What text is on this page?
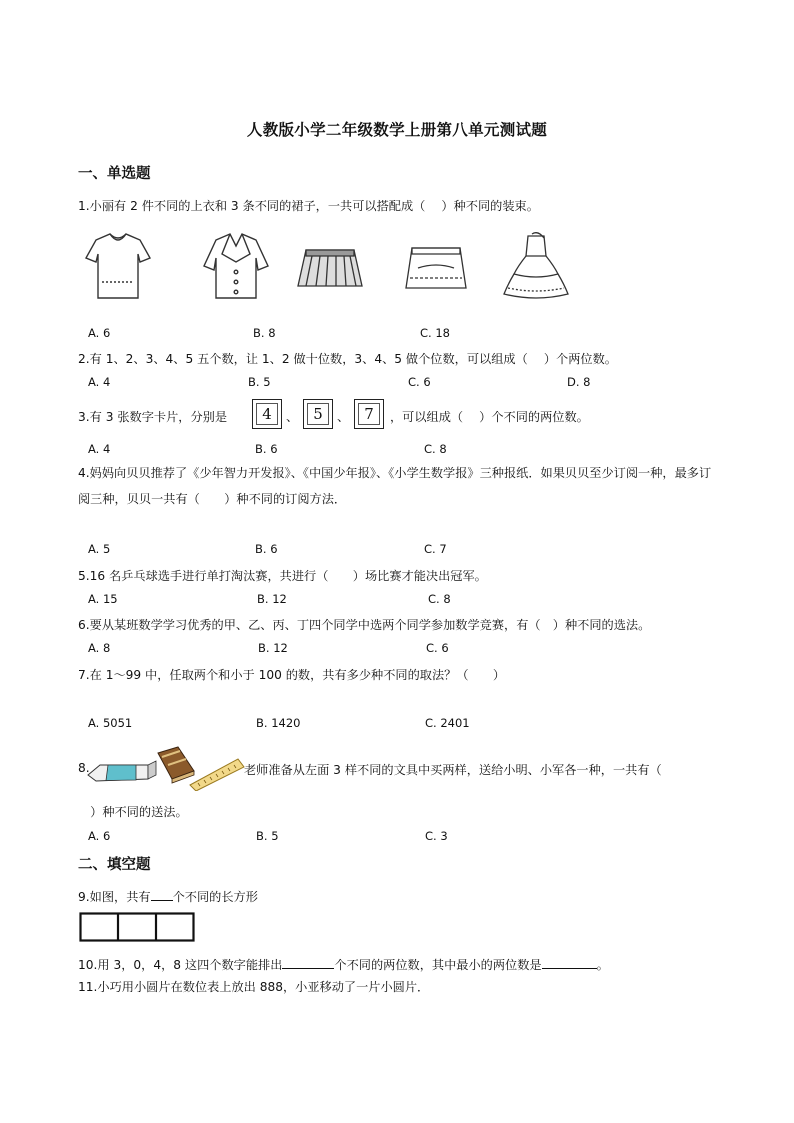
人教版小学二年级数学上册第八单元测试题
一、单选题
1.小丽有 2 件不同的上衣和 3 条不同的裙子，一共可以搭配成（　 ）种不同的装束。
A. 6	B. 8	C. 18
2.有 1、2、3、4、5 五个数，让 1、2 做十位数，3、4、5 做个位数，可以组成（　 ）个两位数。
A. 4	B. 5	C. 6	D. 8
3.有 3 张数字卡片，分别是 4 、 5 、 7 ，可以组成（　 ）个不同的两位数。
A. 4	B. 6	C. 8
4.妈妈向贝贝推荐了《少年智力开发报》、《中国少年报》、《小学生数学报》三种报纸．如果贝贝至少订阅一种，最多订阅三种，贝贝一共有（　　）种不同的订阅方法．
A. 5	B. 6	C. 7
5.16 名乒乓球选手进行单打淘汰赛，共进行（　　）场比赛才能决出冠军。
A. 15	B. 12	C. 8
6.要从某班数学学习优秀的甲、乙、丙、丁四个同学中选两个同学参加数学竞赛，有（　）种不同的选法。
A. 8	B. 12	C. 6
7.在 1～99 中，任取两个和小于 100 的数，共有多少种不同的取法？（　　）
A. 5051	B. 1420	C. 2401
8.	老师准备从左面 3 样不同的文具中买两样，送给小明、小军各一种，一共有（
　）种不同的送法。
A. 6	B. 5	C. 3
二、填空题
9.如图，共有 个不同的长方形
10.用 3，0，4，8 这四个数字能排出	个不同的两位数，其中最小的两位数是	。
11.小巧用小圆片在数位表上放出 888，小亚移动了一片小圆片．
